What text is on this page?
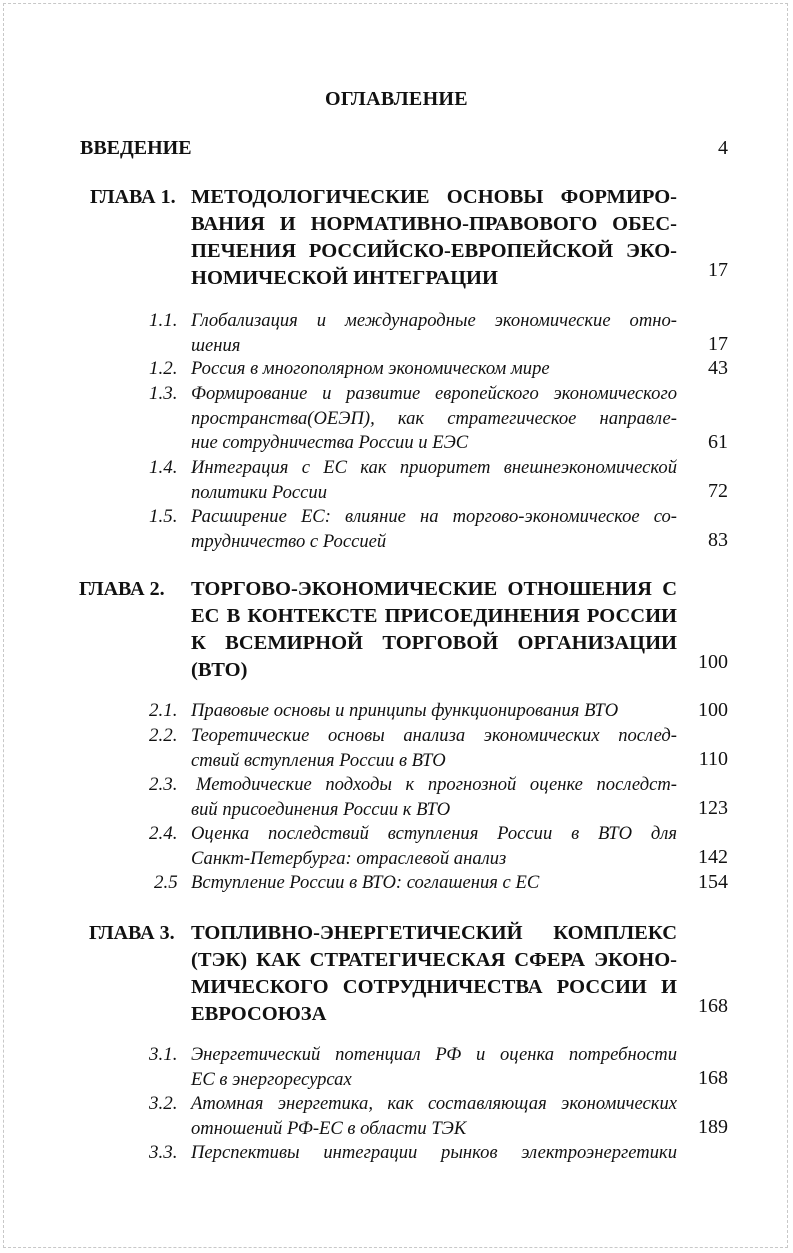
ОГЛАВЛЕНИЕ
ВВЕДЕНИЕ	4
ГЛАВА 1. МЕТОДОЛОГИЧЕСКИЕ ОСНОВЫ ФОРМИРО-
ВАНИЯ И НОРМАТИВНО-ПРАВОВОГО ОБЕС-
ПЕЧЕНИЯ РОССИЙСКО-ЕВРОПЕЙСКОЙ ЭКО-
НОМИЧЕСКОЙ ИНТЕГРАЦИИ	17
1.1. Глобализация и международные экономические отно-
шения	17
1.2. Россия в многополярном экономическом мире	43
1.3. Формирование и развитие европейского экономического
пространства(ОЕЭП), как стратегическое направле-
ние сотрудничества России и ЕЭС	61
1.4. Интеграция с ЕС как приоритет внешнеэкономической
политики России	72
1.5. Расширение ЕС: влияние на торгово-экономическое со-
трудничество с Россией	83
ГЛАВА 2. ТОРГОВО-ЭКОНОМИЧЕСКИЕ ОТНОШЕНИЯ С
ЕС В КОНТЕКСТЕ ПРИСОЕДИНЕНИЯ РОССИИ
К ВСЕМИРНОЙ ТОРГОВОЙ ОРГАНИЗАЦИИ
(ВТО)	100
2.1. Правовые основы и принципы функционирования ВТО	100
2.2. Теоретические основы анализа экономических послед-
ствий вступления России в ВТО	110
2.3. Методические подходы к прогнозной оценке последст-
вий присоединения России к ВТО	123
2.4. Оценка последствий вступления России в ВТО для
Санкт-Петербурга: отраслевой анализ	142
2.5 Вступление России в ВТО: соглашения с ЕС	154
ГЛАВА 3. ТОПЛИВНО-ЭНЕРГЕТИЧЕСКИЙ КОМПЛЕКС
(ТЭК) КАК СТРАТЕГИЧЕСКАЯ СФЕРА ЭКОНО-
МИЧЕСКОГО СОТРУДНИЧЕСТВА РОССИИ И
ЕВРОСОЮЗА	168
3.1. Энергетический потенциал РФ и оценка потребности
ЕС в энергоресурсах	168
3.2. Атомная энергетика, как составляющая экономических
отношений РФ-ЕС в области ТЭК	189
3.3. Перспективы интеграции рынков электроэнергетики
